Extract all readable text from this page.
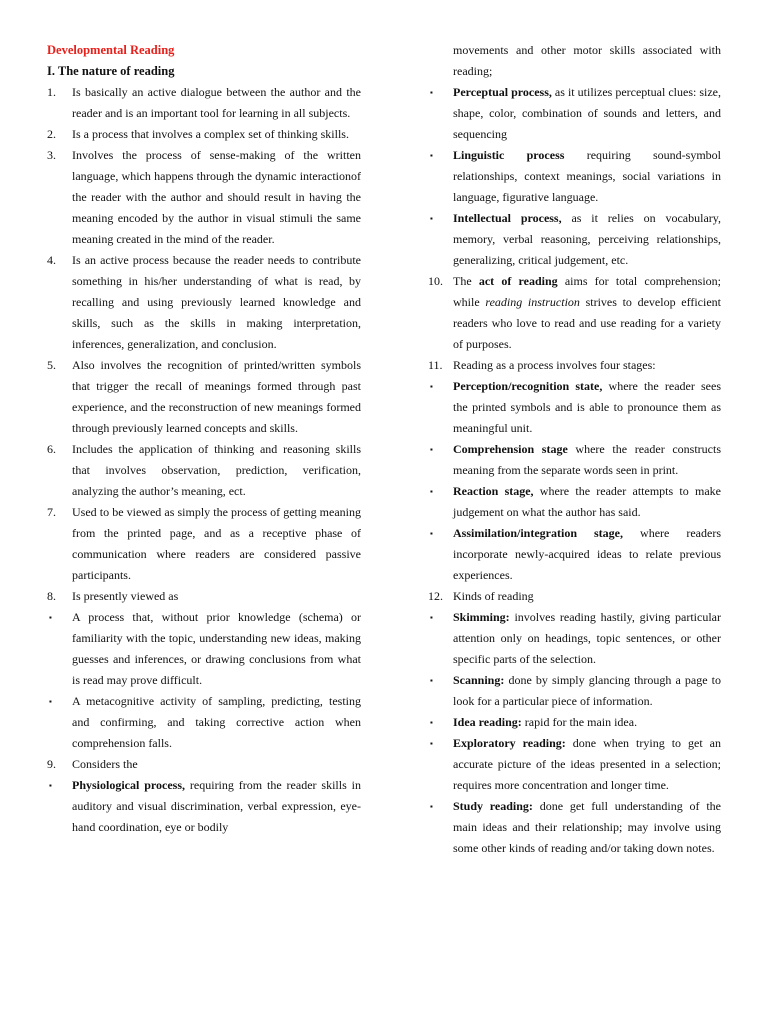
Developmental Reading

I. The nature of reading

1.	Is basically an active dialogue between the author and the reader and is an important tool for learning in all subjects.

2.	Is a process that involves a complex set of thinking skills.

3.	Involves the process of sense-making of the written language, which happens through the dynamic interactionof the reader with the author and should result in having the meaning encoded by the author in visual stimuli the same meaning created in the mind of the reader.

4.	Is an active process because the reader needs to contribute something in his/her understanding of what is read, by recalling and using previously learned knowledge and skills, such as the skills in making interpretation, inferences, generalization, and conclusion.

5.	Also involves the recognition of printed/written symbols that trigger the recall of meanings formed through past experience, and the reconstruction of new meanings formed through previously learned concepts and skills.

6.	Includes the application of thinking and reasoning skills that involves observation, prediction, verification, analyzing the author’s meaning, ect.

7.	Used to be viewed as simply the process of getting meaning from the printed page, and as a receptive phase of communication where readers are considered passive participants.

8.	Is presently viewed as

▪	A process that, without prior knowledge (schema) or familiarity with the topic, understanding new ideas, making guesses and inferences, or drawing conclusions from what is read may prove difficult.

▪	A metacognitive activity of sampling, predicting, testing and confirming, and taking corrective action when comprehension falls.

9.	Considers the

▪	Physiological process, requiring from the reader skills in auditory and visual discrimination, verbal expression, eye-hand coordination, eye or bodily

movements and other motor skills associated with reading;

▪	Perceptual process, as it utilizes perceptual clues: size, shape, color, combination of sounds and letters, and sequencing

▪	Linguistic process requiring sound-symbol relationships, context meanings, social variations in language, figurative language.

▪	Intellectual process, as it relies on vocabulary, memory, verbal reasoning, perceiving relationships, generalizing, critical judgement, etc.

10. The act of reading aims for total comprehension; while reading instruction strives to develop efficient readers who love to read and use reading for a variety of purposes.

11. Reading as a process involves four stages:

▪	Perception/recognition state, where the reader sees the printed symbols and is able to pronounce them as meaningful unit.

▪	Comprehension stage where the reader constructs meaning from the separate words seen in print.

▪	Reaction stage, where the reader attempts to make judgement on what the author has said.

▪	Assimilation/integration stage, where readers incorporate newly-acquired ideas to relate previous experiences.

12. Kinds of reading

▪	Skimming: involves reading hastily, giving particular attention only on headings, topic sentences, or other specific parts of the selection.

▪	Scanning: done by simply glancing through a page to look for a particular piece of information.

▪	Idea reading: rapid for the main idea.

▪	Exploratory reading: done when trying to get an accurate picture of the ideas presented in a selection; requires more concentration and longer time.

▪	Study reading: done get full understanding of the main ideas and their relationship; may involve using some other kinds of reading and/or taking down notes.
